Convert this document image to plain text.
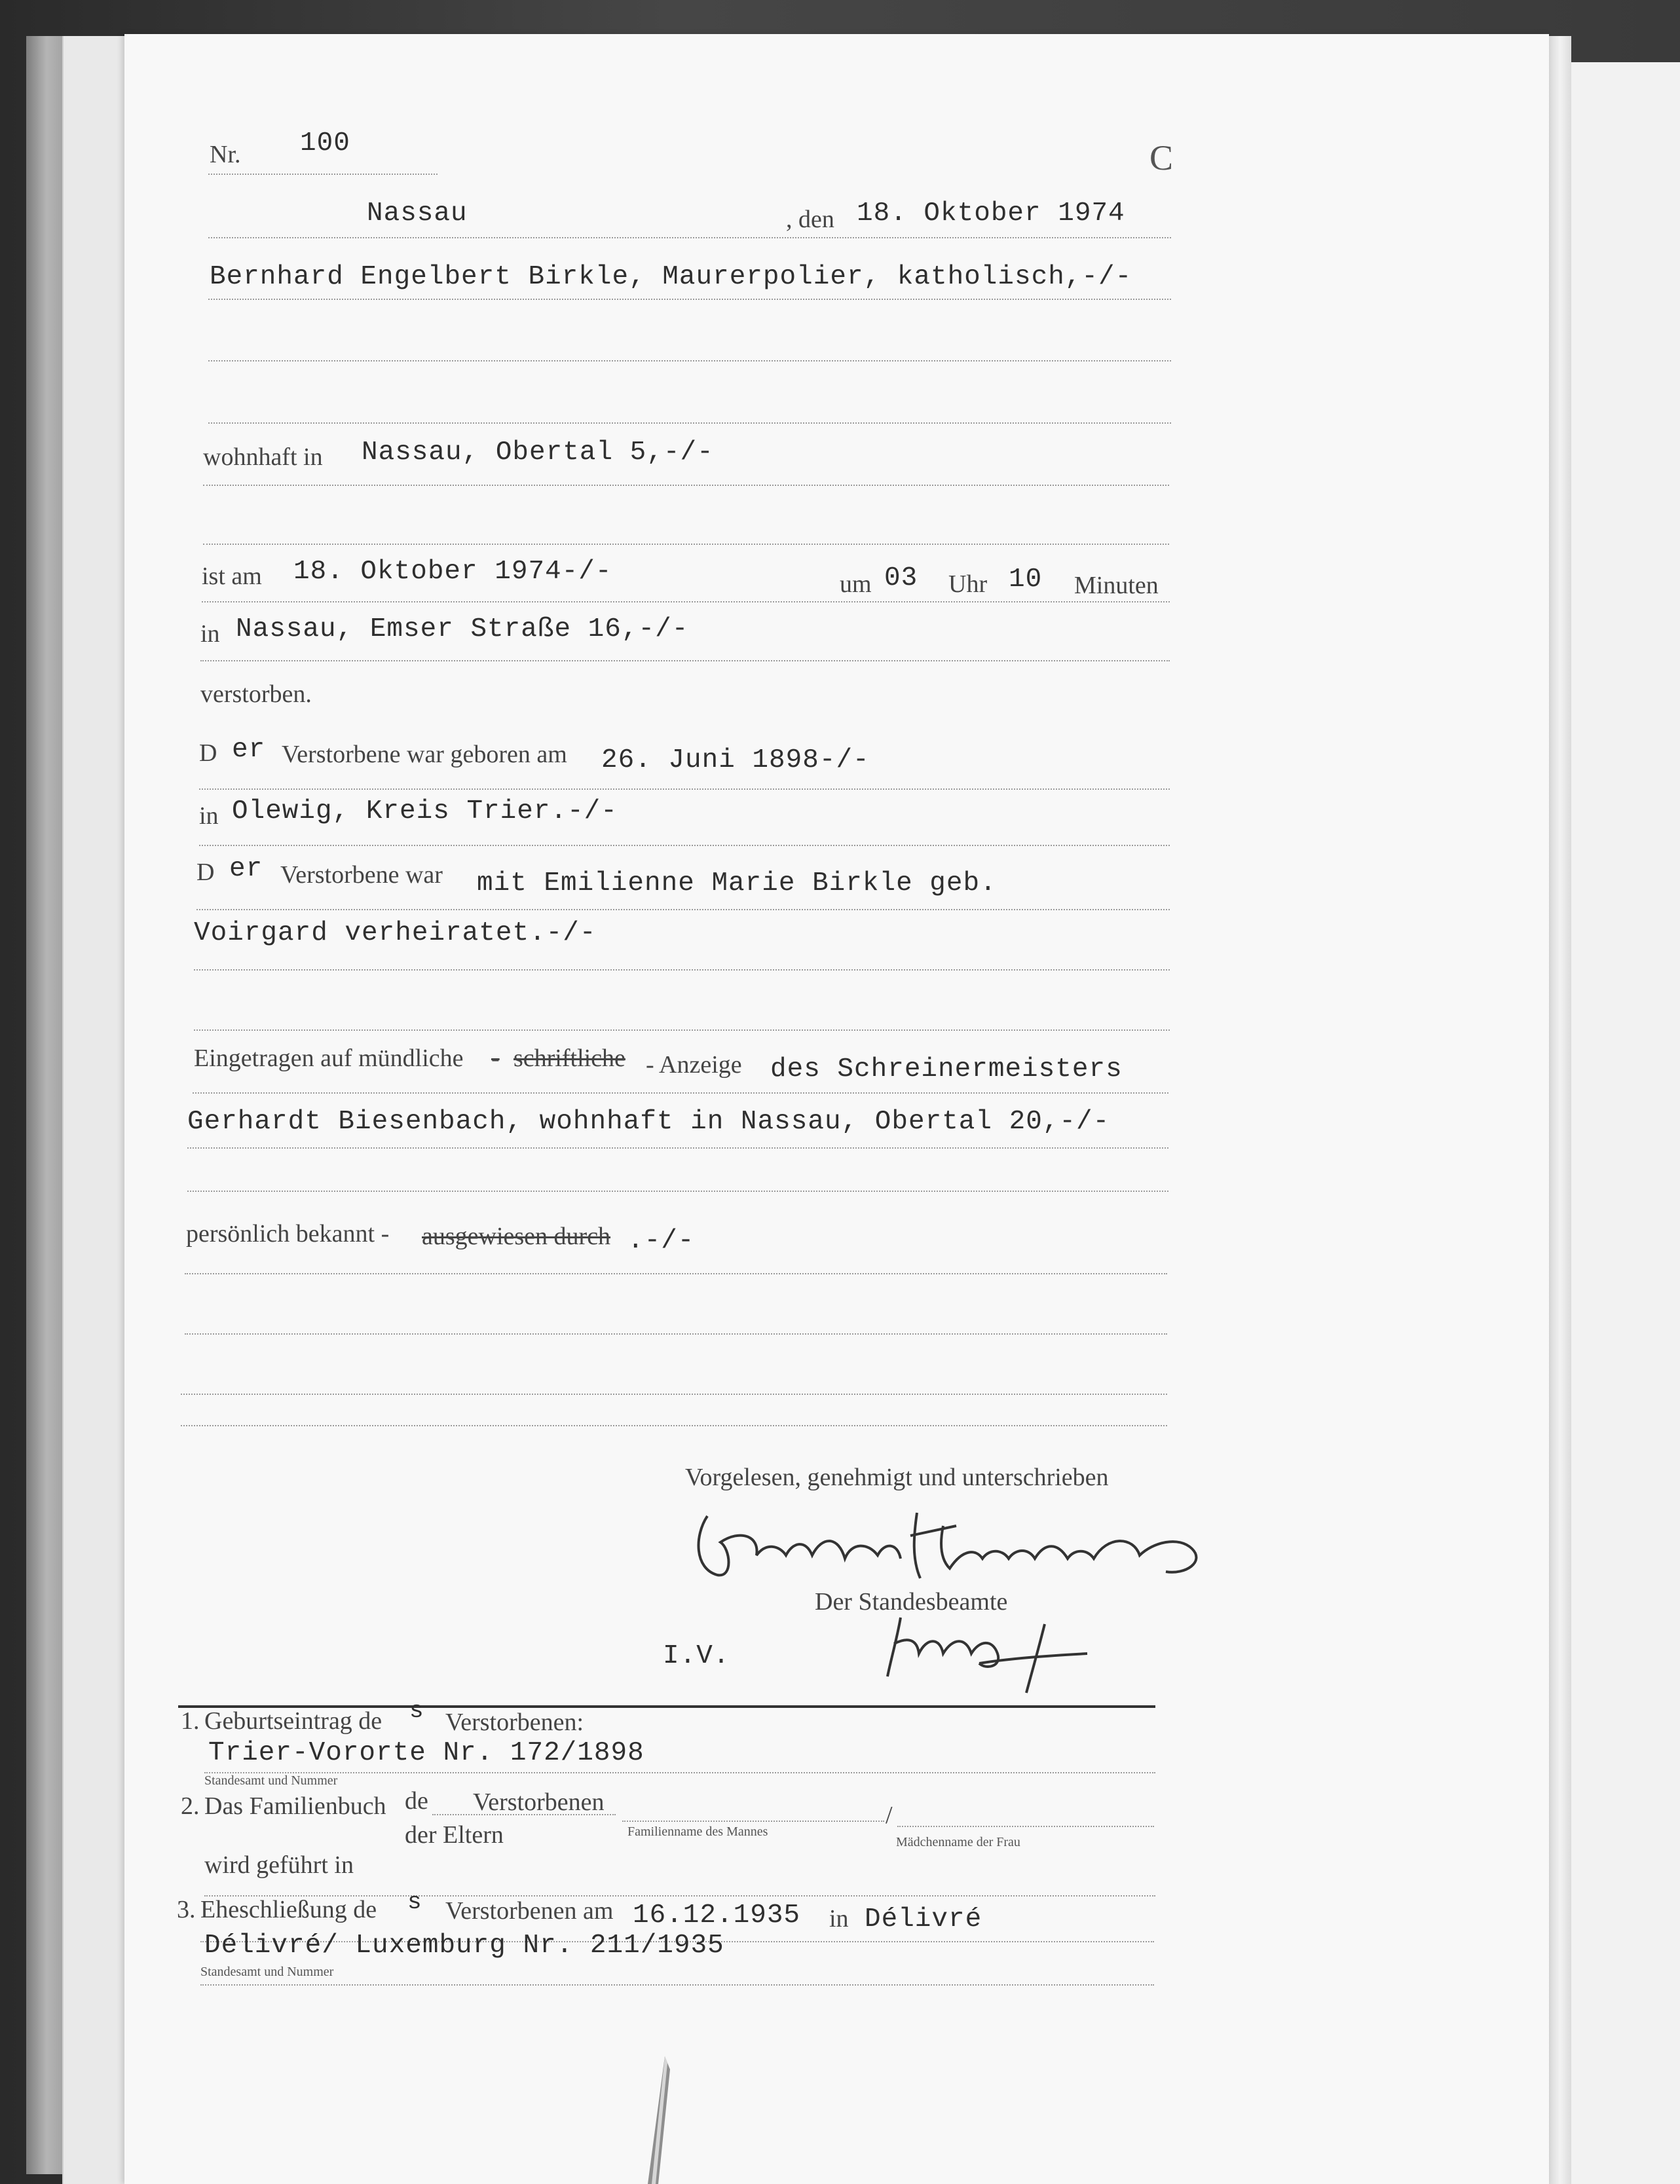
Nr. 100	C
Nassau	, den 18. Oktober 1974
Bernhard Engelbert Birkle, Maurerpolier, katholisch,-/-
wohnhaft in Nassau, Obertal 5,-/-
ist am 18. Oktober 1974-/-	um 03 Uhr 10 Minuten
in Nassau, Emser Straße 16,-/-
verstorben.
D er Verstorbene war geboren am 26. Juni 1898-/-
in Olewig, Kreis Trier.-/-
D er Verstorbene war mit Emilienne Marie Birkle geb.
Voirgard verheiratet.-/-
Eingetragen auf mündliche - schriftliche - Anzeige des Schreinermeisters
Gerhardt Biesenbach, wohnhaft in Nassau, Obertal 20,-/-
persönlich bekannt - ausgewiesen durch .-/-
Vorgelesen, genehmigt und unterschrieben
Der Standesbeamte
I.V.
1. Geburtseintrag de s Verstorbenen:
Trier-Vororte Nr. 172/1898
Standesamt und Nummer
2. Das Familienbuch de Verstorbenen
der Eltern	Familienname des Mannes
/
Mädchenname der Frau
wird geführt in
3. Eheschließung de s Verstorbenen am 16.12.1935 in Délivré
Délivré/ Luxemburg Nr. 211/1935
Standesamt und Nummer
